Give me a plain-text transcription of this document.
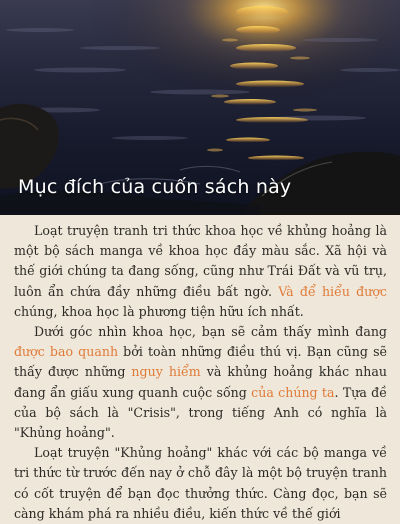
Mục đích của cuốn sách này

Loạt truyện tranh tri thức khoa học về khủng hoảng là một bộ sách manga về khoa học đầy màu sắc. Xã hội và thế giới chúng ta đang sống, cũng như Trái Đất và vũ trụ, luôn ẩn chứa đầy những điều bất ngờ. Và để hiểu được chúng, khoa học là phương tiện hữu ích nhất.

Dưới góc nhìn khoa học, bạn sẽ cảm thấy mình đang được bao quanh bởi toàn những điều thú vị. Bạn cũng sẽ thấy được những nguy hiểm và khủng hoảng khác nhau đang ẩn giấu xung quanh cuộc sống của chúng ta. Tựa đề của bộ sách là "Crisis", trong tiếng Anh có nghĩa là "Khủng hoảng".

Loạt truyện "Khủng hoảng" khác với các bộ manga về tri thức từ trước đến nay ở chỗ đây là một bộ truyện tranh có cốt truyện để bạn đọc thưởng thức. Càng đọc, bạn sẽ càng khám phá ra nhiều điều, kiến thức về thế giới
